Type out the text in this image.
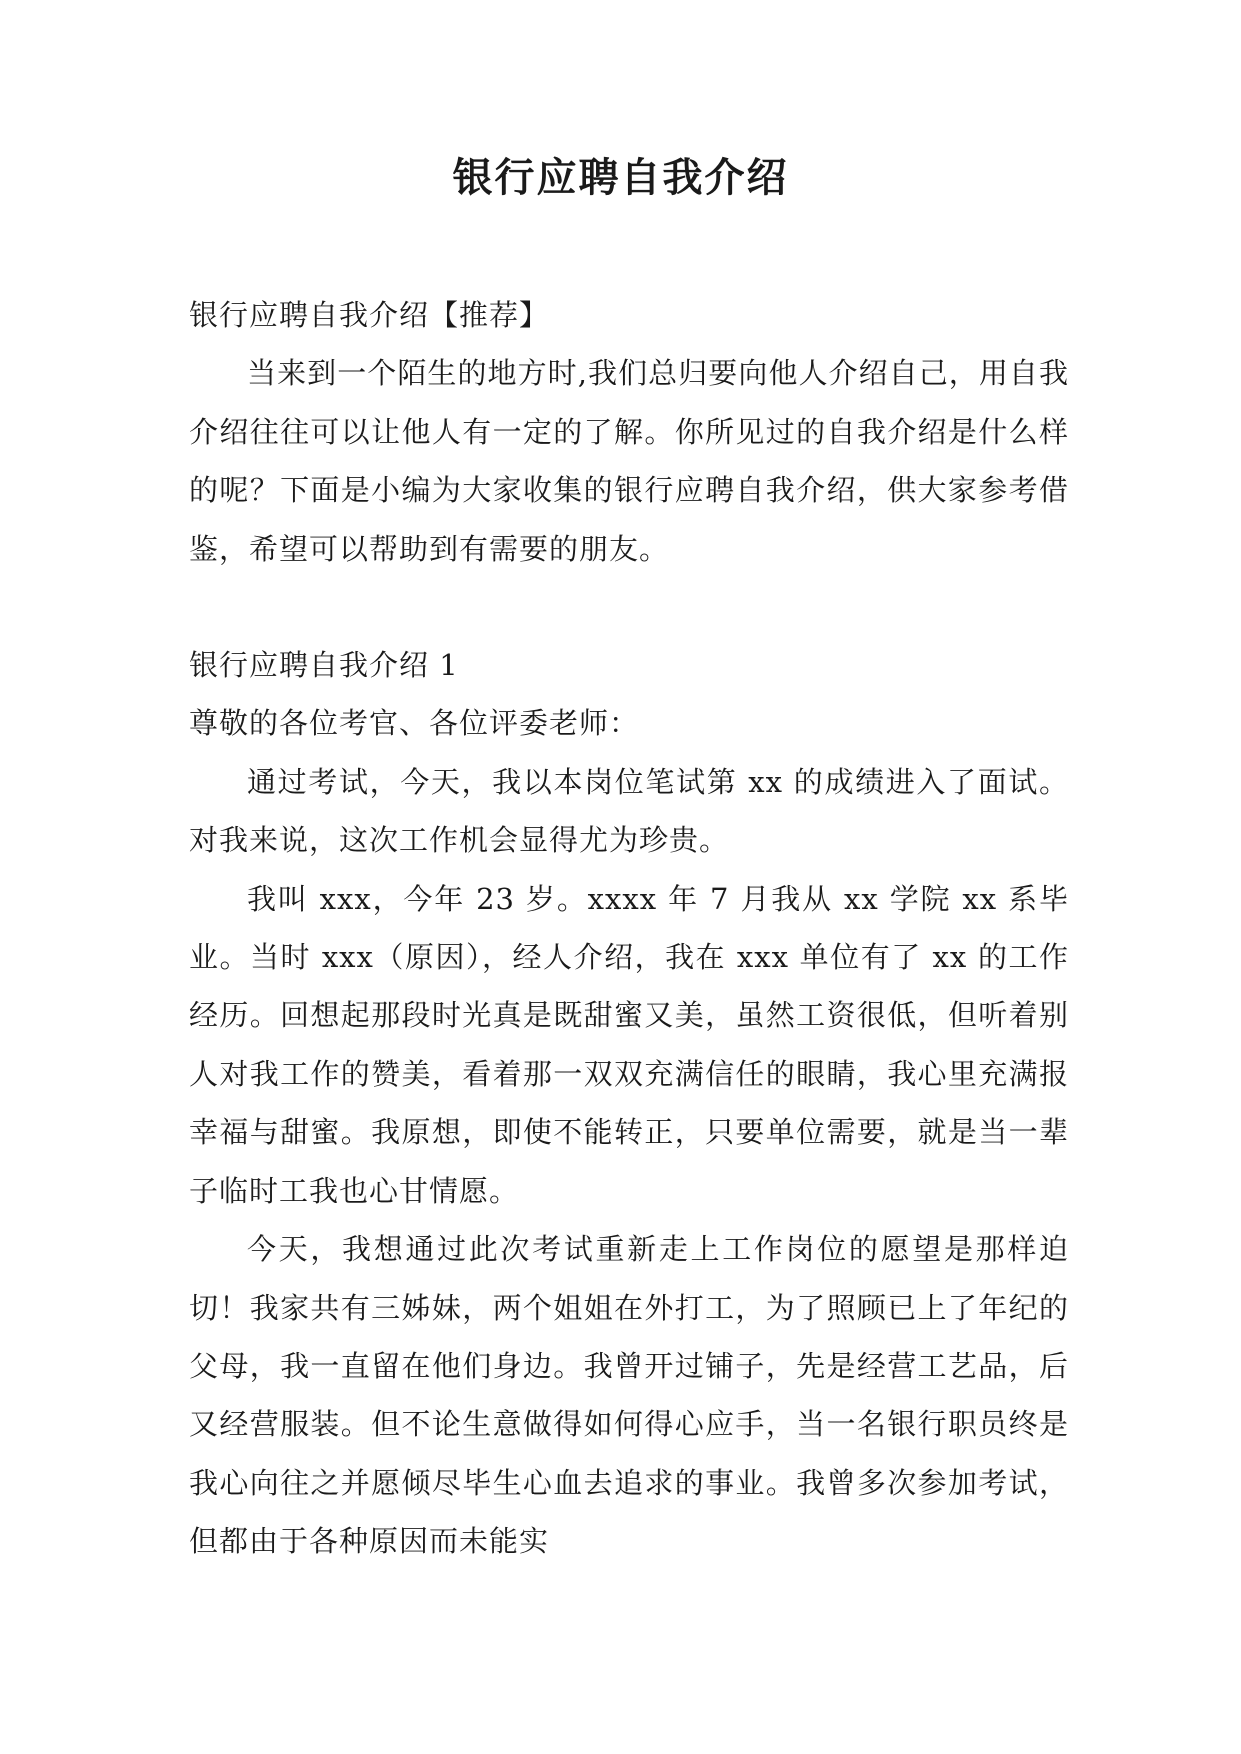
银行应聘自我介绍

银行应聘自我介绍【推荐】

当来到一个陌生的地方时,我们总归要向他人介绍自己，用自我介绍往往可以让他人有一定的了解。你所见过的自我介绍是什么样的呢？下面是小编为大家收集的银行应聘自我介绍，供大家参考借鉴，希望可以帮助到有需要的朋友。

银行应聘自我介绍 1

尊敬的各位考官、各位评委老师：

通过考试，今天，我以本岗位笔试第 xx 的成绩进入了面试。对我来说，这次工作机会显得尤为珍贵。

我叫 xxx，今年 23 岁。xxxx 年 7 月我从 xx 学院 xx 系毕业。当时 xxx（原因），经人介绍，我在 xxx 单位有了 xx 的工作经历。回想起那段时光真是既甜蜜又美，虽然工资很低，但听着别人对我工作的赞美，看着那一双双充满信任的眼睛，我心里充满报幸福与甜蜜。我原想，即使不能转正，只要单位需要，就是当一辈子临时工我也心甘情愿。

今天，我想通过此次考试重新走上工作岗位的愿望是那样迫切！我家共有三姊妹，两个姐姐在外打工，为了照顾已上了年纪的父母，我一直留在他们身边。我曾开过铺子，先是经营工艺品，后又经营服装。但不论生意做得如何得心应手，当一名银行职员终是我心向往之并愿倾尽毕生心血去追求的事业。我曾多次参加考试，但都由于各种原因而未能实
